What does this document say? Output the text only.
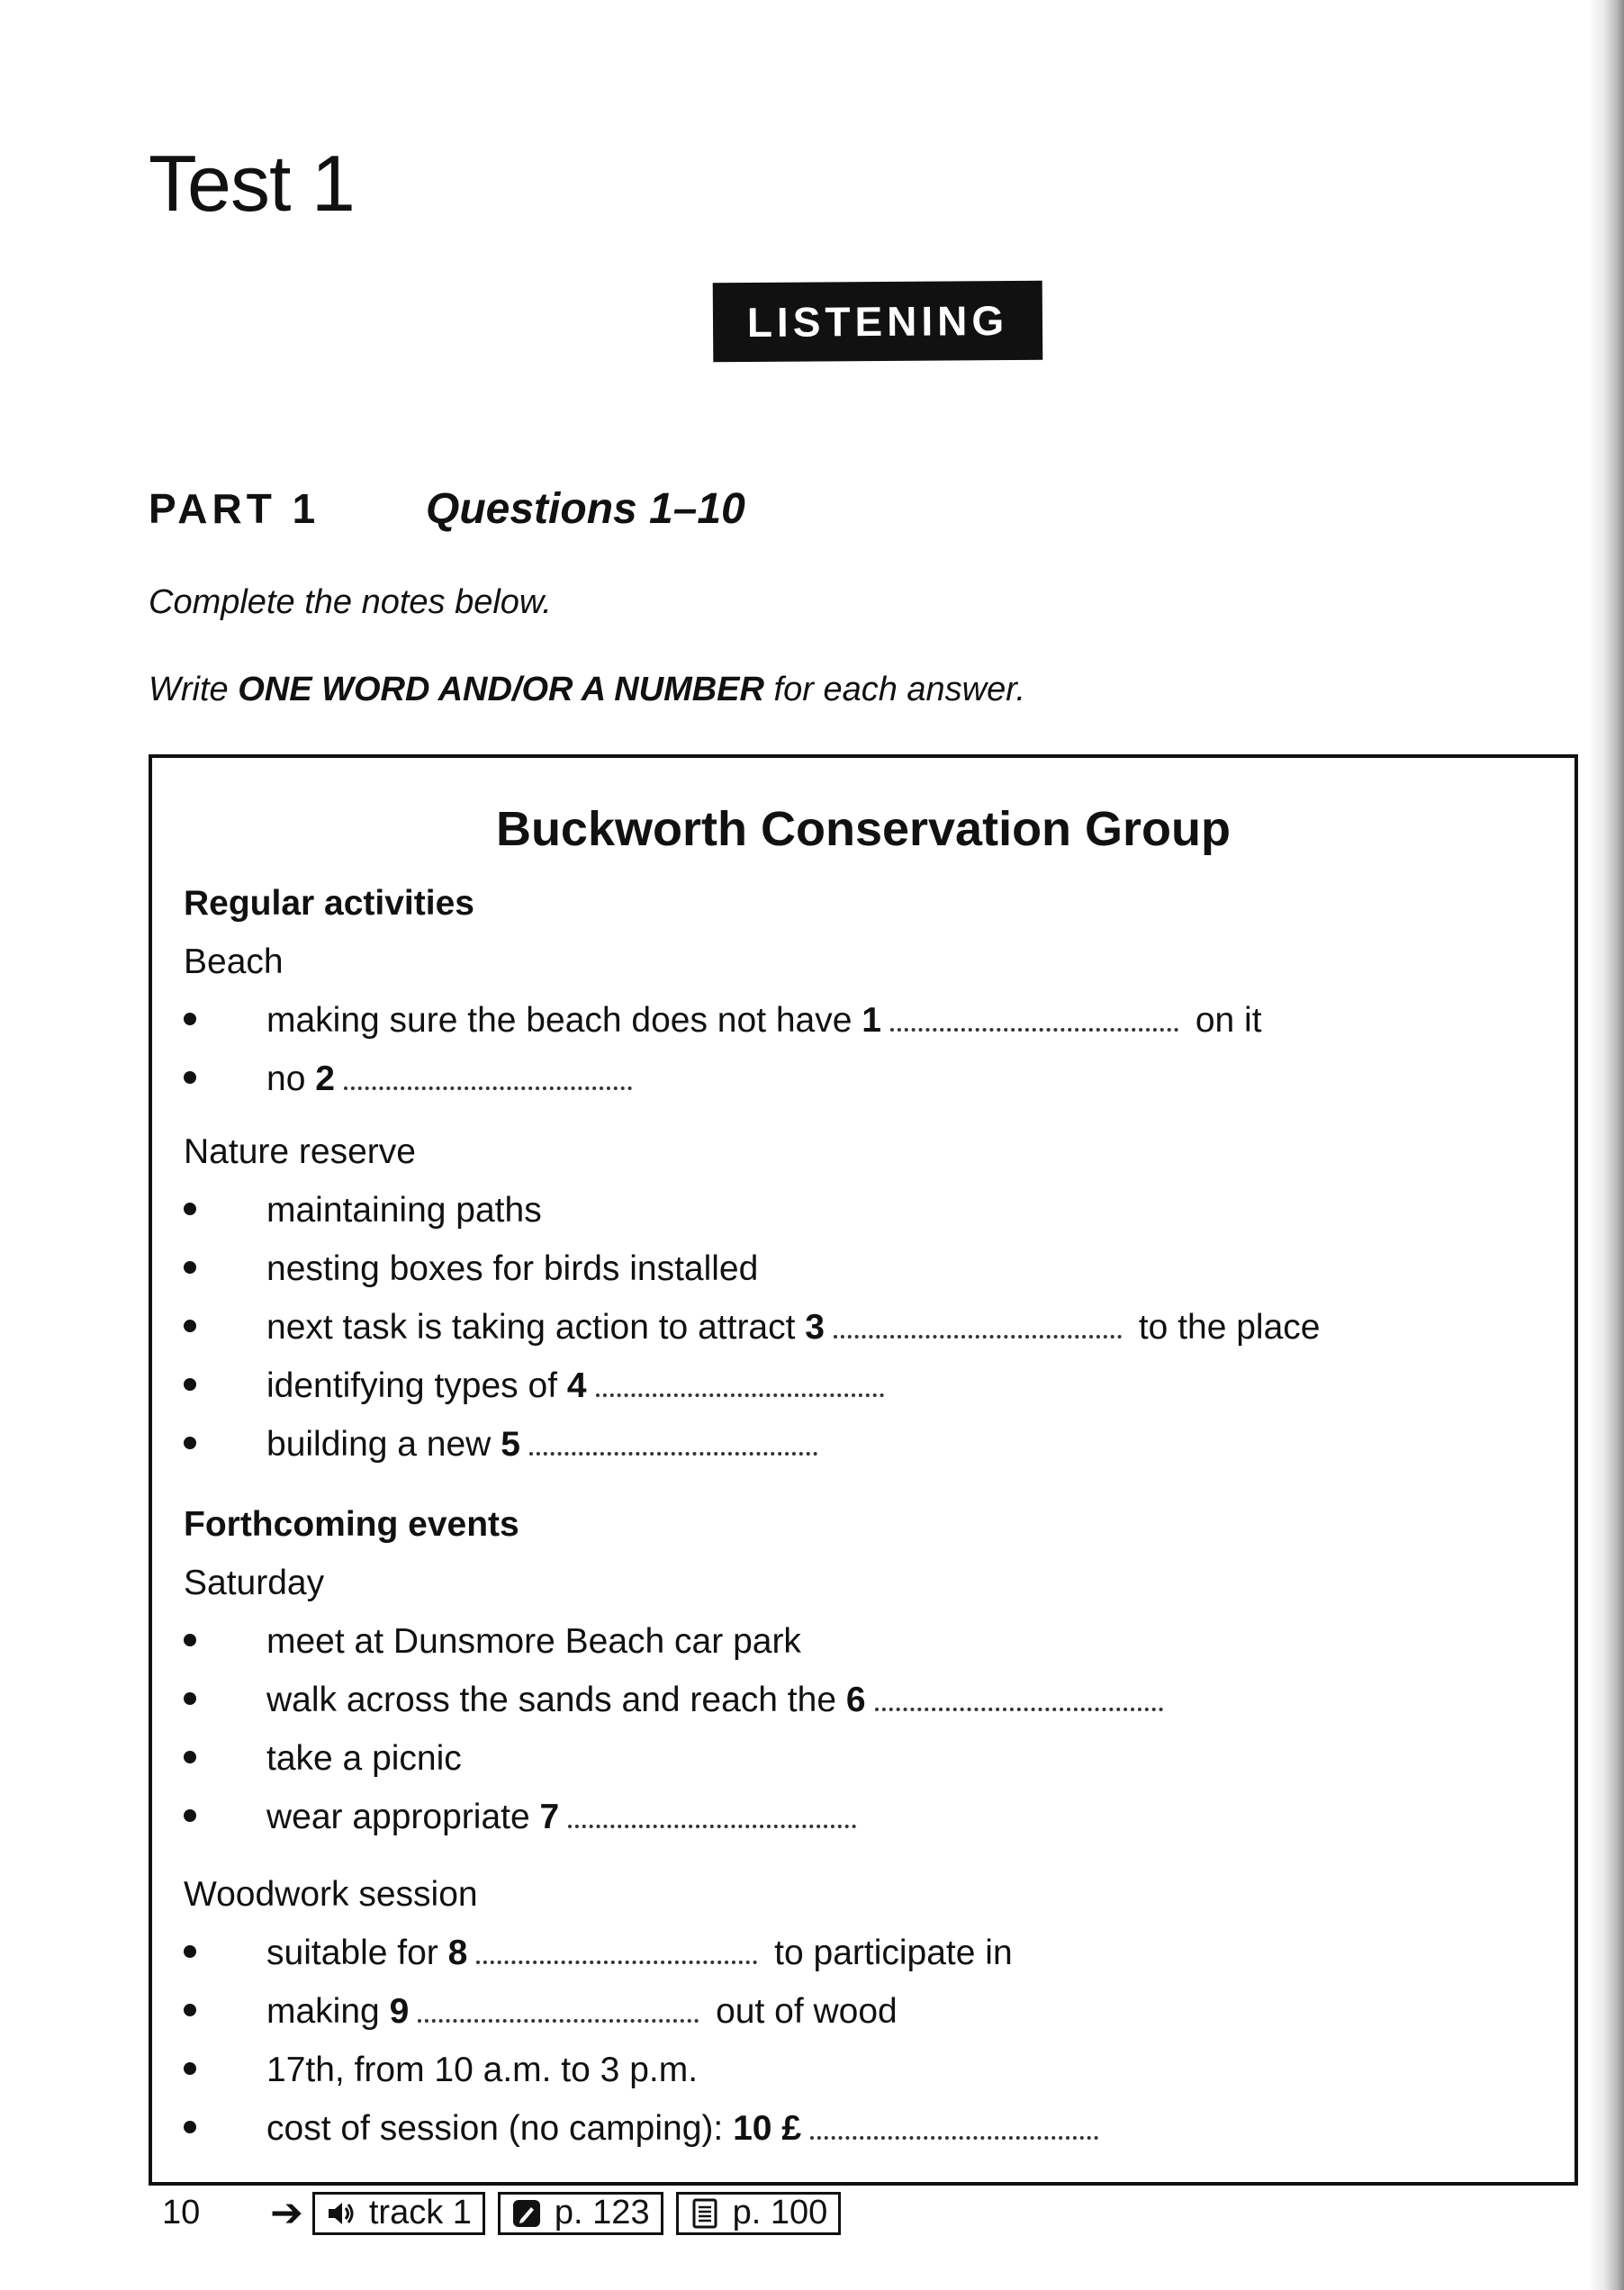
Test 1
LISTENING
PART 1	Questions 1–10
Complete the notes below.
Write ONE WORD AND/OR A NUMBER for each answer.
Buckworth Conservation Group
Regular activities
Beach
making sure the beach does not have 1	on it
no 2
Nature reserve
maintaining paths
nesting boxes for birds installed
next task is taking action to attract 3	to the place
identifying types of 4
building a new 5
Forthcoming events
Saturday
meet at Dunsmore Beach car park
walk across the sands and reach the 6
take a picnic
wear appropriate 7
Woodwork session
suitable for 8	to participate in
making 9	out of wood
17th, from 10 a.m. to 3 p.m.
cost of session (no camping): 10 £
10	➔ track 1 p. 123 p. 100
